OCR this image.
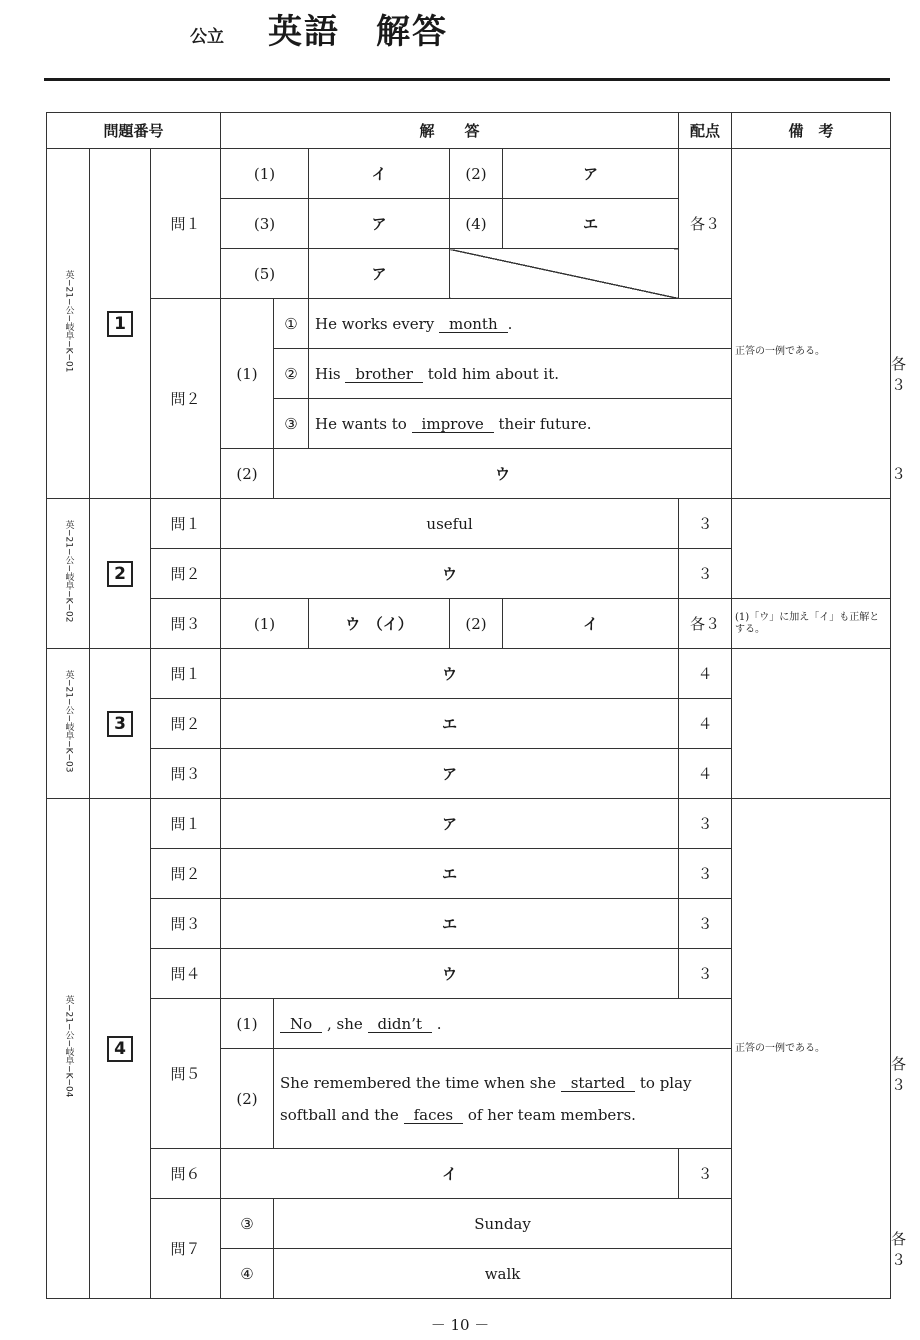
公立 英語　解答
問題番号			解　　答					配点	備　考	
英−21−公−岐阜−K−01	1	問１	(1)		イ	(2)	ア	各３	正答の一例である。	
			(3)		ア	(4)	エ			
			(5)		ア					
		問２	(1)	①	He works every month .					各３
				②	His brother told him about it.					
				③	He wants to improve their future.					
			(2)	ウ						３
英−21−公−岐阜−K−02	2	問１	useful					３		
		問２	ウ					３		
		問３	(1)		ウ　（イ）	(2)	イ	各３	(1)「ウ」に加え「イ」も正解とする。	
英−21−公−岐阜−K−03	3	問１	ウ					４		
		問２	エ					４		
		問３	ア					４		
英−21−公−岐阜−K−04	4	問１	ア					３	正答の一例である。	
		問２	エ					３		
		問３	エ					３		
		問４	ウ					３		
		問５	(1)	No , she didn’t .						各３
			(2)	She remembered the time when she started to play softball and the faces of her team members.						
		問６	イ					３		
		問７	③	Sunday						各３
			④	walk						
－ 10 －
